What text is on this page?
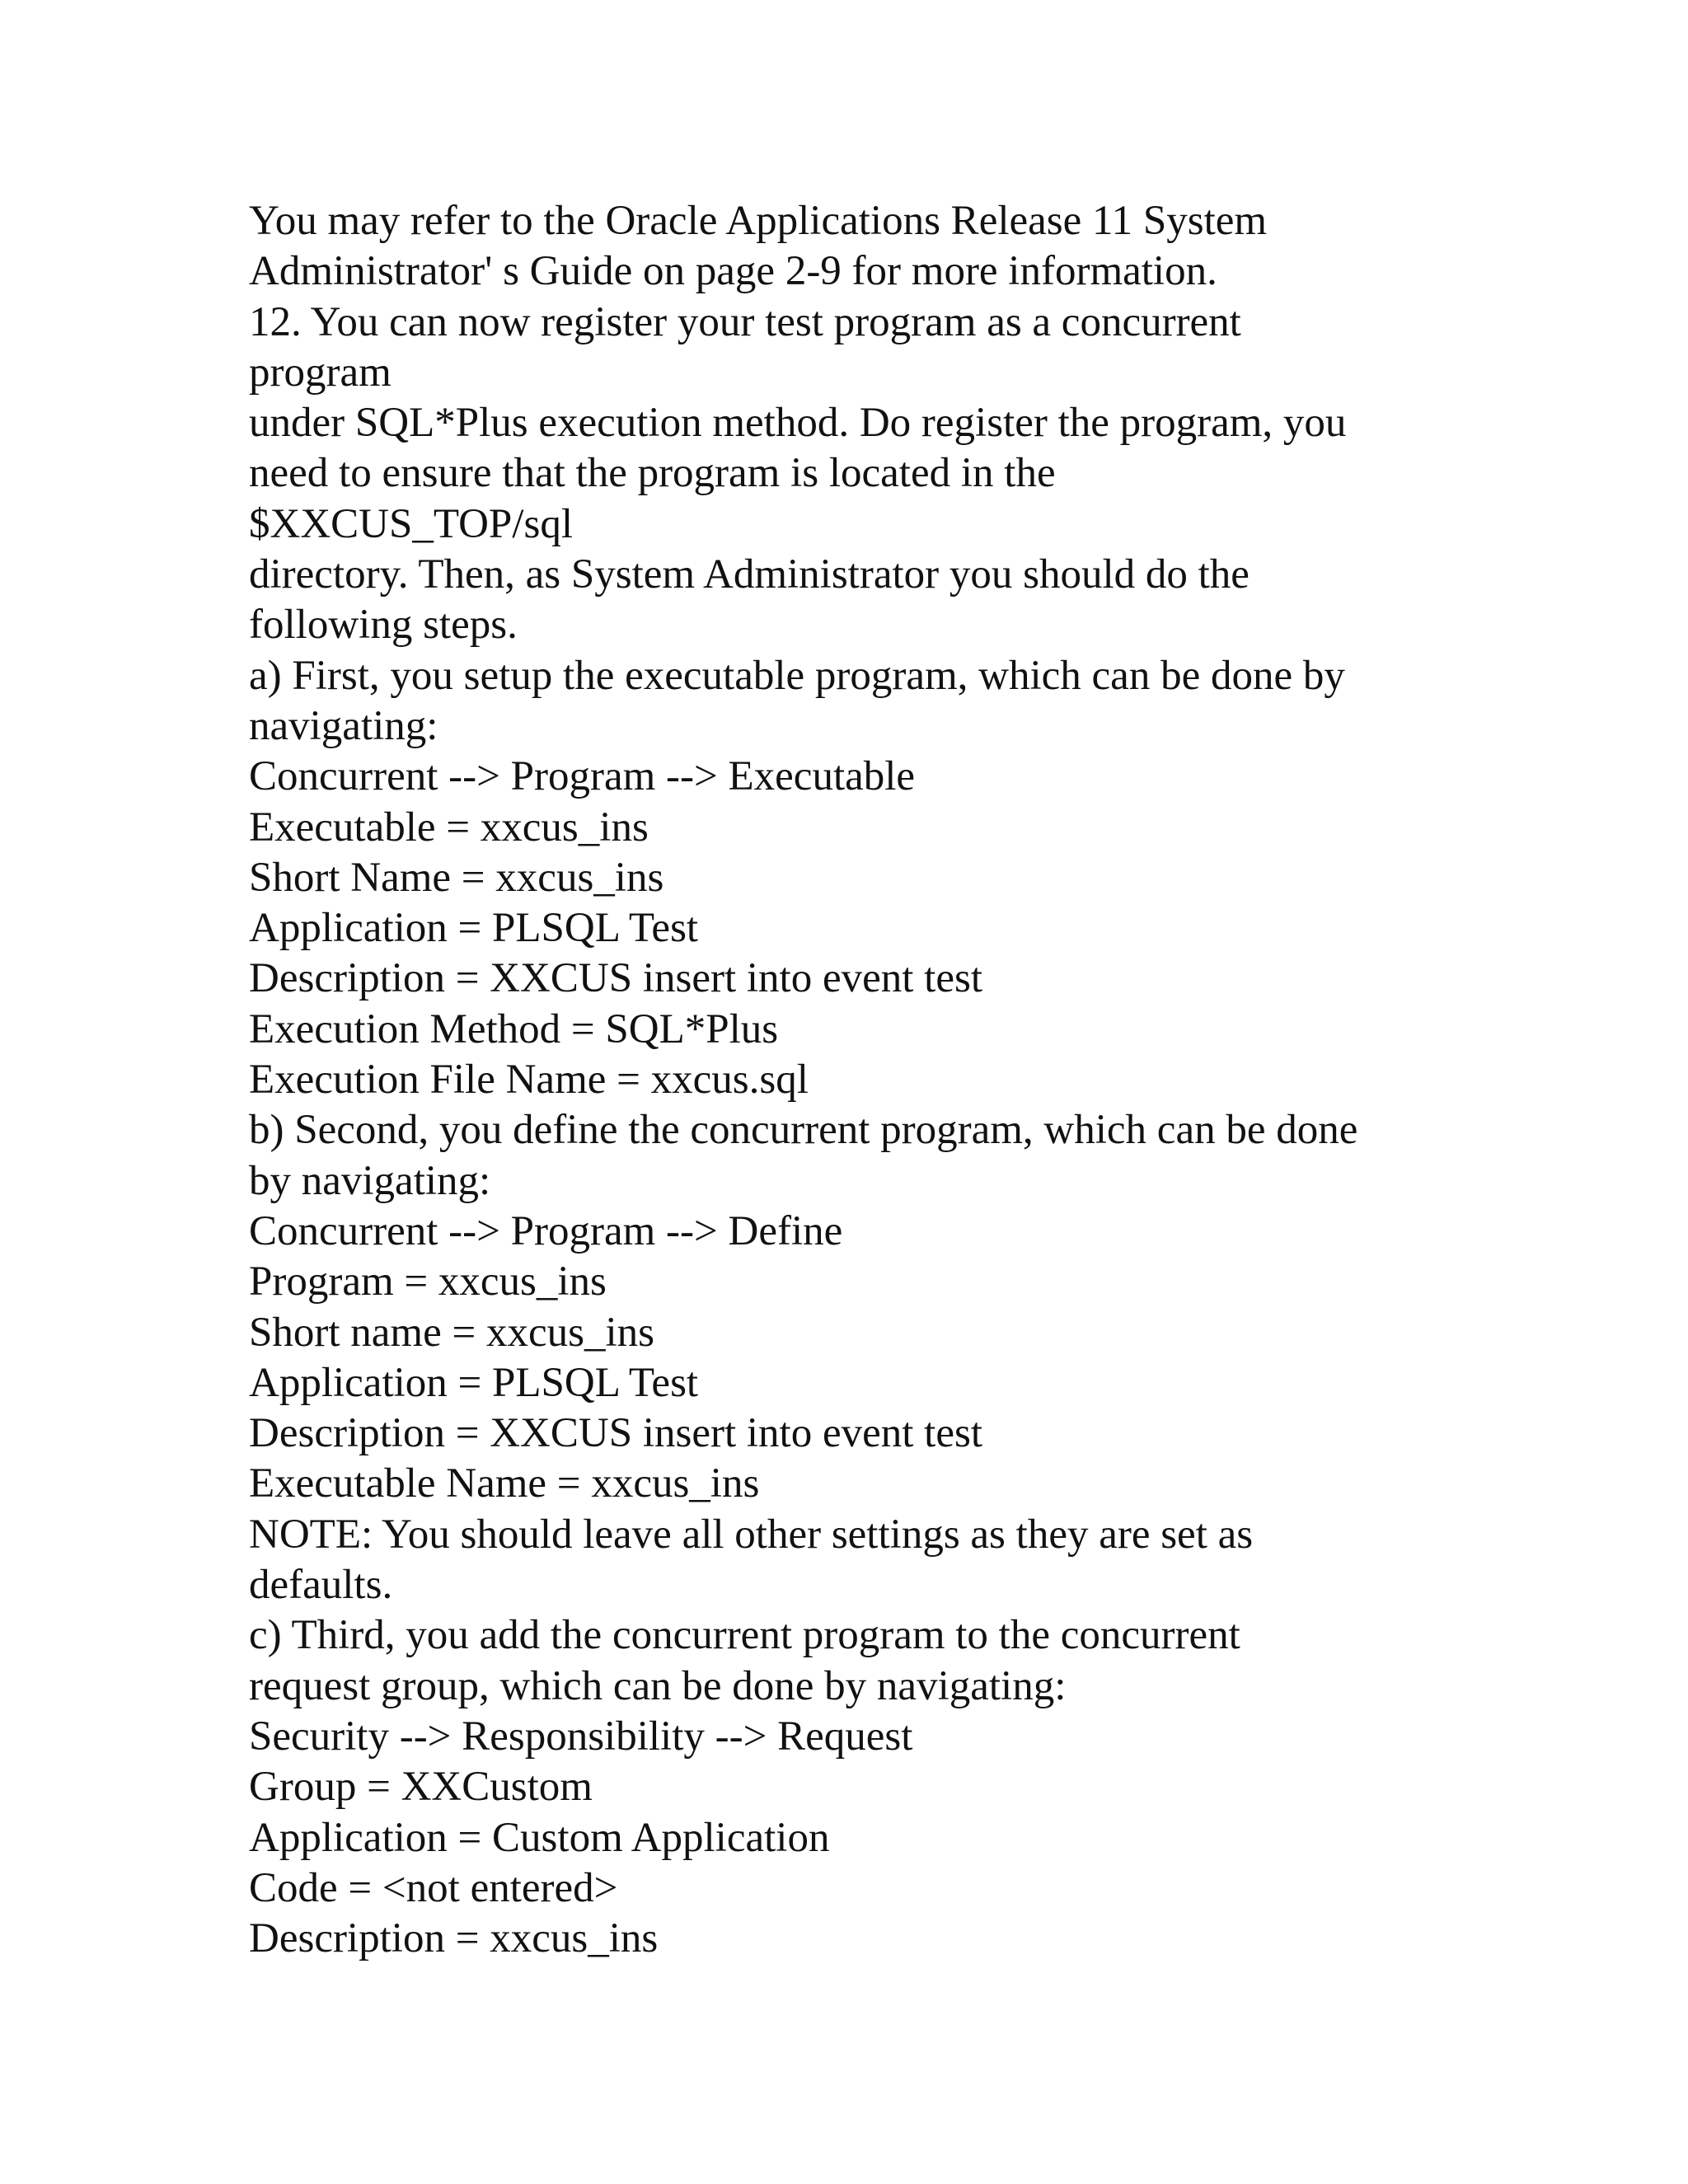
You may refer to the Oracle Applications Release 11 System
Administrator' s Guide on page 2-9 for more information.
12. You can now register your test program as a concurrent
program
under SQL*Plus execution method. Do register the program, you
need to ensure that the program is located in the
$XXCUS_TOP/sql
directory. Then, as System Administrator you should do the
following steps.
a) First, you setup the executable program, which can be done by
navigating:
Concurrent --> Program --> Executable
Executable = xxcus_ins
Short Name = xxcus_ins
Application = PLSQL Test
Description = XXCUS insert into event test
Execution Method = SQL*Plus
Execution File Name = xxcus.sql
b) Second, you define the concurrent program, which can be done
by navigating:
Concurrent --> Program --> Define
Program = xxcus_ins
Short name = xxcus_ins
Application = PLSQL Test
Description = XXCUS insert into event test
Executable Name = xxcus_ins
NOTE: You should leave all other settings as they are set as
defaults.
c) Third, you add the concurrent program to the concurrent
request group, which can be done by navigating:
Security --> Responsibility --> Request
Group = XXCustom
Application = Custom Application
Code = <not entered>
Description = xxcus_ins
